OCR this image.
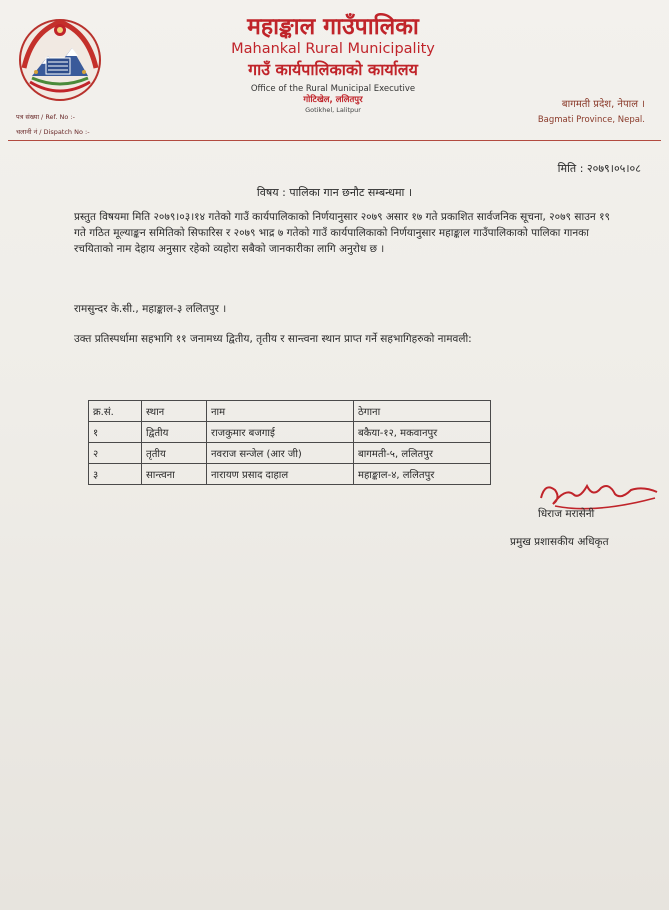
पत्र संख्या / Ref. No :-
चलानी नं / Dispatch No :-
महाङ्काल गाउँपालिका
Mahankal Rural Municipality
गाउँ कार्यपालिकाको कार्यालय
Office of the Rural Municipal Executive
गोटिखेल, ललितपुर
Gotikhel, Lalitpur	बागमती प्रदेश, नेपाल ।
Bagmati Province, Nepal.
मिति : २०७९।०५।०८
विषय : पालिका गान छनौट सम्बन्धमा ।
प्रस्तुत विषयमा मिति २०७९।०३।१४ गतेको गाउँ कार्यपालिकाको निर्णयानुसार २०७९ असार १७ गते प्रकाशित सार्वजनिक सूचना, २०७९ साउन १९ गते गठित मूल्याङ्कन समितिको सिफारिस र २०७९ भाद्र ७ गतेको गाउँ कार्यपालिकाको निर्णयानुसार महाङ्काल गाउँपालिकाको पालिका गानका रचयिताको नाम देहाय अनुसार रहेको व्यहोरा सबैको जानकारीका लागि अनुरोध छ ।
रामसुन्दर के.सी., महाङ्काल-३ ललितपुर ।
उक्त प्रतिस्पर्धामा सहभागि ११ जनामध्य द्वितीय, तृतीय र सान्त्वना स्थान प्राप्त गर्ने सहभागिहरुको नामवली:
क्र.सं.	स्थान	नाम	ठेगाना
१	द्वितीय	राजकुमार बजगाई	बकैया-१२, मकवानपुर
२	तृतीय	नवराज सन्जेल (आर जी)	बागमती-५, ललितपुर
३	सान्त्वना	नारायण प्रसाद दाहाल	महाङ्काल-४, ललितपुर
धिराज मरासेनी
प्रमुख प्रशासकीय अधिकृत
